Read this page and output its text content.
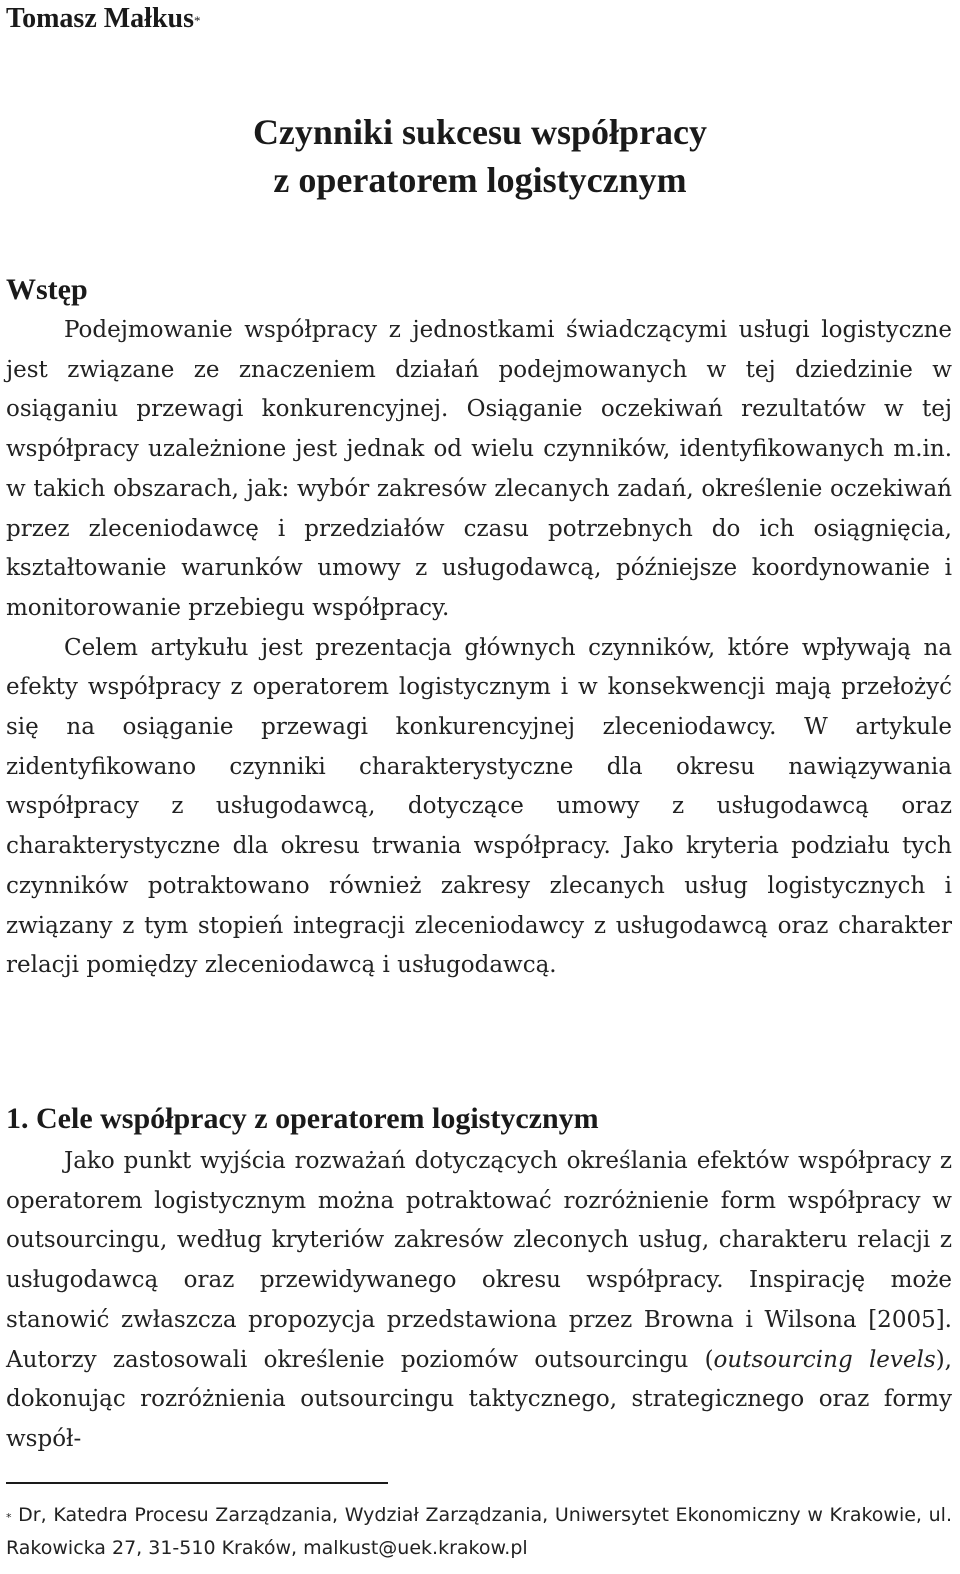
Tomasz Małkus*
Czynniki sukcesu współpracy
z operatorem logistycznym
Wstęp

Podejmowanie współpracy z jednostkami świadczącymi usługi logistyczne jest związane ze znaczeniem działań podejmowanych w tej dziedzinie w osiąganiu przewagi konkurencyjnej. Osiąganie oczekiwań rezultatów w tej współpracy uzależnione jest jednak od wielu czynników, identyfikowanych m.in. w takich obszarach, jak: wybór zakresów zlecanych zadań, określenie oczekiwań przez zleceniodawcę i przedziałów czasu potrzebnych do ich osiągnięcia, kształtowanie warunków umowy z usługodawcą, późniejsze koordynowanie i monitorowanie przebiegu współpracy.

Celem artykułu jest prezentacja głównych czynników, które wpływają na efekty współpracy z operatorem logistycznym i w konsekwencji mają przełożyć się na osiąganie przewagi konkurencyjnej zleceniodawcy. W artykule zidentyfikowano czynniki charakterystyczne dla okresu nawiązywania współpracy z usługodawcą, dotyczące umowy z usługodawcą oraz charakterystyczne dla okresu trwania współpracy. Jako kryteria podziału tych czynników potraktowano również zakresy zlecanych usług logistycznych i związany z tym stopień integracji zleceniodawcy z usługodawcą oraz charakter relacji pomiędzy zleceniodawcą i usługodawcą.

1. Cele współpracy z operatorem logistycznym

Jako punkt wyjścia rozważań dotyczących określania efektów współpracy z operatorem logistycznym można potraktować rozróżnienie form współpracy w outsourcingu, według kryteriów zakresów zleconych usług, charakteru relacji z usługodawcą oraz przewidywanego okresu współpracy. Inspirację może stanowić zwłaszcza propozycja przedstawiona przez Browna i Wilsona [2005]. Autorzy zastosowali określenie poziomów outsourcingu (outsourcing levels), dokonując rozróżnienia outsourcingu taktycznego, strategicznego oraz formy współ-

* Dr, Katedra Procesu Zarządzania, Wydział Zarządzania, Uniwersytet Ekonomiczny w Krakowie, ul. Rakowicka 27, 31-510 Kraków, malkust@uek.krakow.pl
